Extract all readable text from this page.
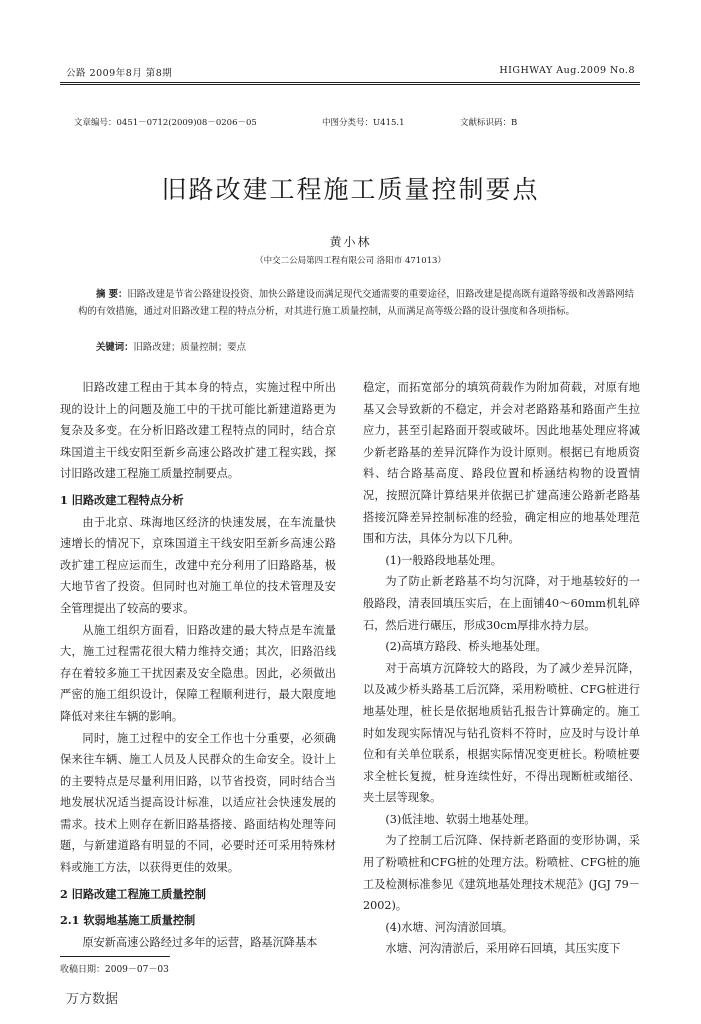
公路 2009年8月 第8期	HIGHWAY Aug.2009 No.8
文章编号：0451－0712(2009)08－0206－05	中图分类号：U415.1	文献标识码：B
旧路改建工程施工质量控制要点
黄小林
（中交二公局第四工程有限公司 洛阳市 471013）
摘 要：旧路改建是节省公路建设投资、加快公路建设而满足现代交通需要的重要途径，旧路改建是提高既有道路等级和改善路网结构的有效措施，通过对旧路改建工程的特点分析，对其进行施工质量控制，从而满足高等级公路的设计强度和各项指标。
关键词：旧路改建；质量控制；要点

旧路改建工程由于其本身的特点，实施过程中所出现的设计上的问题及施工中的干扰可能比新建道路更为复杂及多变。在分析旧路改建工程特点的同时，结合京珠国道主干线安阳至新乡高速公路改扩建工程实践，探讨旧路改建工程施工质量控制要点。

1 旧路改建工程特点分析

由于北京、珠海地区经济的快速发展，在车流量快速增长的情况下，京珠国道主干线安阳至新乡高速公路改扩建工程应运而生，改建中充分利用了旧路路基，极大地节省了投资。但同时也对施工单位的技术管理及安全管理提出了较高的要求。

从施工组织方面看，旧路改建的最大特点是车流量大，施工过程需花很大精力维持交通；其次，旧路沿线存在着较多施工干扰因素及安全隐患。因此，必须做出严密的施工组织设计，保障工程顺利进行，最大限度地降低对来往车辆的影响。

同时，施工过程中的安全工作也十分重要，必须确保来往车辆、施工人员及人民群众的生命安全。设计上的主要特点是尽量利用旧路，以节省投资，同时结合当地发展状况适当提高设计标准，以适应社会快速发展的需求。技术上则存在新旧路基搭接、路面结构处理等问题，与新建道路有明显的不同，必要时还可采用特殊材料或施工方法，以获得更佳的效果。

2 旧路改建工程施工质量控制

2.1 软弱地基施工质量控制

原安新高速公路经过多年的运营，路基沉降基本

稳定，而拓宽部分的填筑荷载作为附加荷载，对原有地基又会导致新的不稳定，并会对老路路基和路面产生拉应力，甚至引起路面开裂或破坏。因此地基处理应将减少新老路基的差异沉降作为设计原则。根据已有地质资料、结合路基高度、路段位置和桥涵结构物的设置情况，按照沉降计算结果并依据已扩建高速公路新老路基搭接沉降差异控制标准的经验，确定相应的地基处理范围和方法，具体分为以下几种。

(1)一般路段地基处理。

为了防止新老路基不均匀沉降，对于地基较好的一般路段，清表回填压实后，在上面铺40～60mm机轧碎石，然后进行碾压，形成30cm厚排水持力层。

(2)高填方路段、桥头地基处理。

对于高填方沉降较大的路段，为了减少差异沉降，以及减少桥头路基工后沉降，采用粉喷桩、CFG桩进行地基处理，桩长是依据地质钻孔报告计算确定的。施工时如发现实际情况与钻孔资料不符时，应及时与设计单位和有关单位联系，根据实际情况变更桩长。粉喷桩要求全桩长复搅，桩身连续性好，不得出现断桩或缩径、夹土层等现象。

(3)低洼地、软弱土地基处理。

为了控制工后沉降、保持新老路面的变形协调，采用了粉喷桩和CFG桩的处理方法。粉喷桩、CFG桩的施工及检测标准参见《建筑地基处理技术规范》(JGJ 79－2002)。

(4)水塘、河沟清淤回填。

水塘、河沟清淤后，采用碎石回填，其压实度下

收稿日期：2009－07－03
万方数据
